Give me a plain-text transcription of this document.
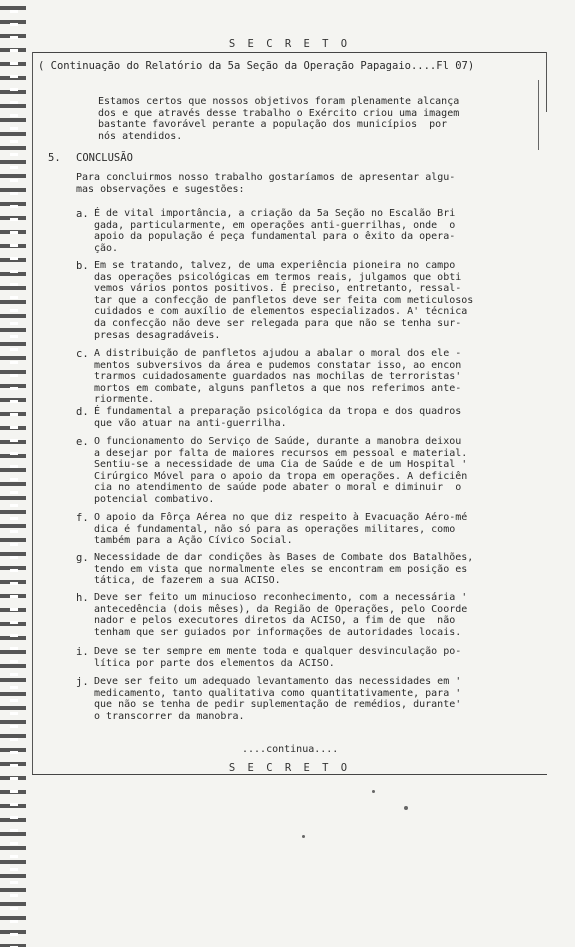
S E C R E T O
( Continuação do Relatório da 5a Seção da Operação Papagaio....Fl 07)
Estamos certos que nossos objetivos foram plenamente alcança
dos e que através desse trabalho o Exército criou uma imagem
bastante favorável perante a população dos municípios  por
nós atendidos.
5. CONCLUSÃO
Para concluirmos nosso trabalho gostaríamos de apresentar algu-
mas observações e sugestões:
a. É de vital importância, a criação da 5a Seção no Escalão Bri
gada, particularmente, em operações anti-guerrilhas, onde  o
apoio da população é peça fundamental para o êxito da opera-
ção.
b. Em se tratando, talvez, de uma experiência pioneira no campo
das operações psicológicas em termos reais, julgamos que obti
vemos vários pontos positivos. É preciso, entretanto, ressal-
tar que a confecção de panfletos deve ser feita com meticulosos
cuidados e com auxílio de elementos especializados. A' técnica
da confecção não deve ser relegada para que não se tenha sur-
presas desagradáveis.
c. A distribuição de panfletos ajudou a abalar o moral dos ele -
mentos subversivos da área e pudemos constatar isso, ao encon
trarmos cuidadosamente guardados nas mochilas de terroristas'
mortos em combate, alguns panfletos a que nos referimos ante-
riormente.
d. É fundamental a preparação psicológica da tropa e dos quadros
que vão atuar na anti-guerrilha.
e. O funcionamento do Serviço de Saúde, durante a manobra deixou
a desejar por falta de maiores recursos em pessoal e material.
Sentiu-se a necessidade de uma Cia de Saúde e de um Hospital '
Cirúrgico Móvel para o apoio da tropa em operações. A deficiên
cia no atendimento de saúde pode abater o moral e diminuir  o
potencial combativo.
f. O apoio da Fôrça Aérea no que diz respeito à Evacuação Aéro-mé
dica é fundamental, não só para as operações militares, como
também para a Ação Cívico Social.
g. Necessidade de dar condições às Bases de Combate dos Batalhões,
tendo em vista que normalmente eles se encontram em posição es
tática, de fazerem a sua ACISO.
h. Deve ser feito um minucioso reconhecimento, com a necessária '
antecedência (dois mêses), da Região de Operações, pelo Coorde
nador e pelos executores diretos da ACISO, a fim de que  não
tenham que ser guiados por informações de autoridades locais.
i. Deve se ter sempre em mente toda e qualquer desvinculação po-
lítica por parte dos elementos da ACISO.
j. Deve ser feito um adequado levantamento das necessidades em '
medicamento, tanto qualitativa como quantitativamente, para '
que não se tenha de pedir suplementação de remédios, durante'
o transcorrer da manobra.
....continua....
S E C R E T O
